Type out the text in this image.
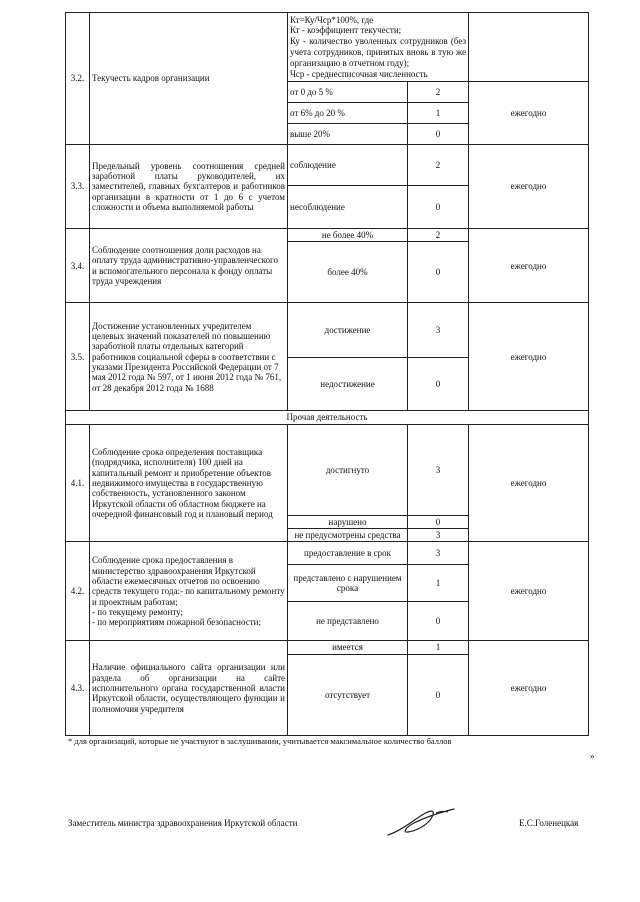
3.2.	Текучесть кадров организации	Кт=Ку/Чср*100%, где
Кт - коэффициент текучести;
Ку - количество уволенных сотрудников (без учета сотрудников, принятых вновь в тую же организацию в отчетном году);
Чср - среднесписочная численность		

		от 0 до 5 %	2	ежегодно
		от 6% до 20 %	1	
		выше 20%	0	
3.3.	Предельный уровень соотношения средней заработной платы руководителей, их заместителей, главных бухгалтеров и работников организации в кратности от 1 до 6 с учетом сложности и объема выполняемой работы	соблюдение	2	ежегодно
		несоблюдение	0	
3.4.	Соблюдение соотношения доли расходов на оплату труда административно-управленческого и вспомогательного персонала к фонду оплаты труда учреждения	не более 40%	2	ежегодно
		более 40%	0	
3.5.	Достижение установленных учредителем целевых значений показателей по повышению заработной платы отдельных категорий работников социальной сферы в соответствии с указами Президента Российской Федерации от 7 мая 2012 года № 597, от 1 июня 2012 года № 761, от 28 декабря 2012 года № 1688	достижение	3	ежегодно
		недостижение	0	
Прочая деятельность				
4.1.	Соблюдение срока определения поставщика (подрядчика, исполнителя) 100 дней на капитальный ремонт и приобретение объектов недвижимого имущества в государственную собственность, установленного законом Иркутской области об областном бюджете на очередной финансовый год и плановый период	достигнуто	3	ежегодно
		нарушено	0	
		не предусмотрены средства	3	
4.2.	Соблюдение срока предоставления в министерство здравоохранения Иркутской области ежемесячных отчетов по освоению средств текущего года:- по капитальному ремонту и проектным работам;
- по текущему ремонту;
- по мероприятиям пожарной безопасности;	предоставление в срок	3	ежегодно
		представлено с нарушением срока	1	
		не представлено	0	
4.3.	Наличие официального сайта организации или раздела об организации на сайте исполнительного органа государственной власти Иркутской области, осуществляющего функции и полномочия учредителя	имеется	1	ежегодно
		отсутствует	0	
* для организаций, которые не участвуют в заслушивании, учитывается максимальное количество баллов
»
Заместитель министра здравоохранения Иркутской области	Е.С.Голенецкая
